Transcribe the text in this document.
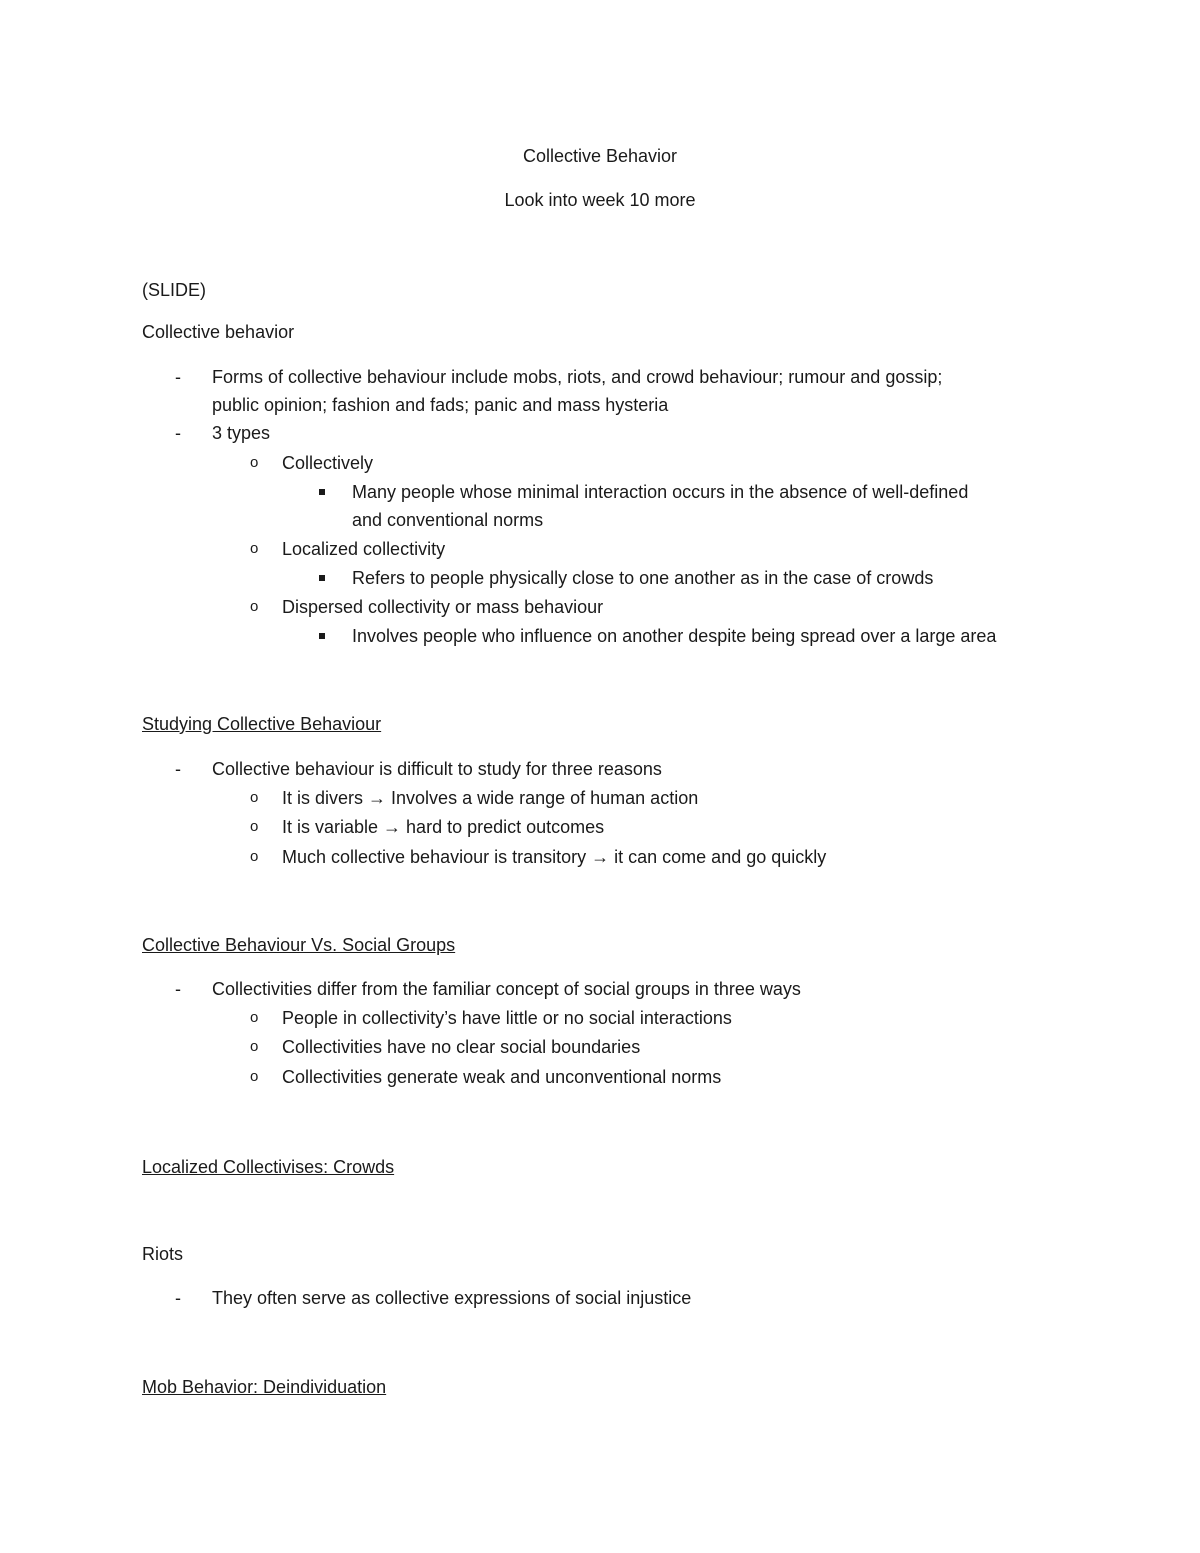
Collective Behavior
Look into week 10 more
(SLIDE)
Collective behavior
- Forms of collective behaviour include mobs, riots, and crowd behaviour; rumour and gossip;
public opinion; fashion and fads; panic and mass hysteria
- 3 types
o Collectively
Many people whose minimal interaction occurs in the absence of well-defined
and conventional norms
o Localized collectivity
Refers to people physically close to one another as in the case of crowds
o Dispersed collectivity or mass behaviour
Involves people who influence on another despite being spread over a large area
Studying Collective Behaviour
- Collective behaviour is difficult to study for three reasons
o It is divers → Involves a wide range of human action
o It is variable → hard to predict outcomes
o Much collective behaviour is transitory → it can come and go quickly
Collective Behaviour Vs. Social Groups
- Collectivities differ from the familiar concept of social groups in three ways
o People in collectivity’s have little or no social interactions
o Collectivities have no clear social boundaries
o Collectivities generate weak and unconventional norms
Localized Collectivises: Crowds
Riots
- They often serve as collective expressions of social injustice
Mob Behavior: Deindividuation
